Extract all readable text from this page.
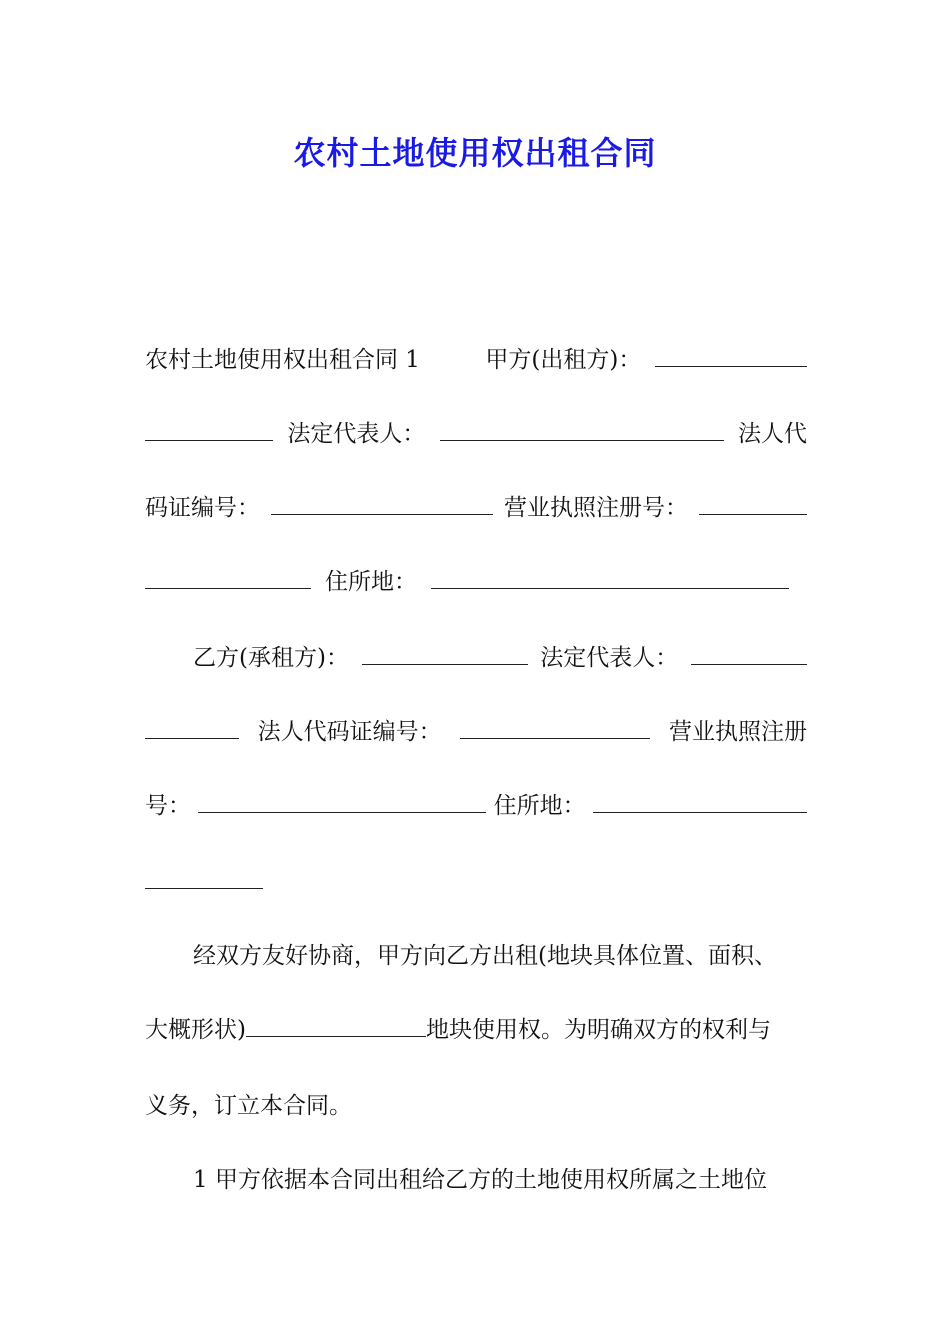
农村土地使用权出租合同
农村土地使用权出租合同 1	甲方(出租方)：
法定代表人：	法人代
码证编号：	营业执照注册号：
住所地：
乙方(承租方)：	法定代表人：
法人代码证编号：	营业执照注册
号：	住所地：
经双方友好协商，甲方向乙方出租(地块具体位置、面积、
大概形状)	地块使用权。为明确双方的权利与
义务，订立本合同。
1 甲方依据本合同出租给乙方的土地使用权所属之土地位
